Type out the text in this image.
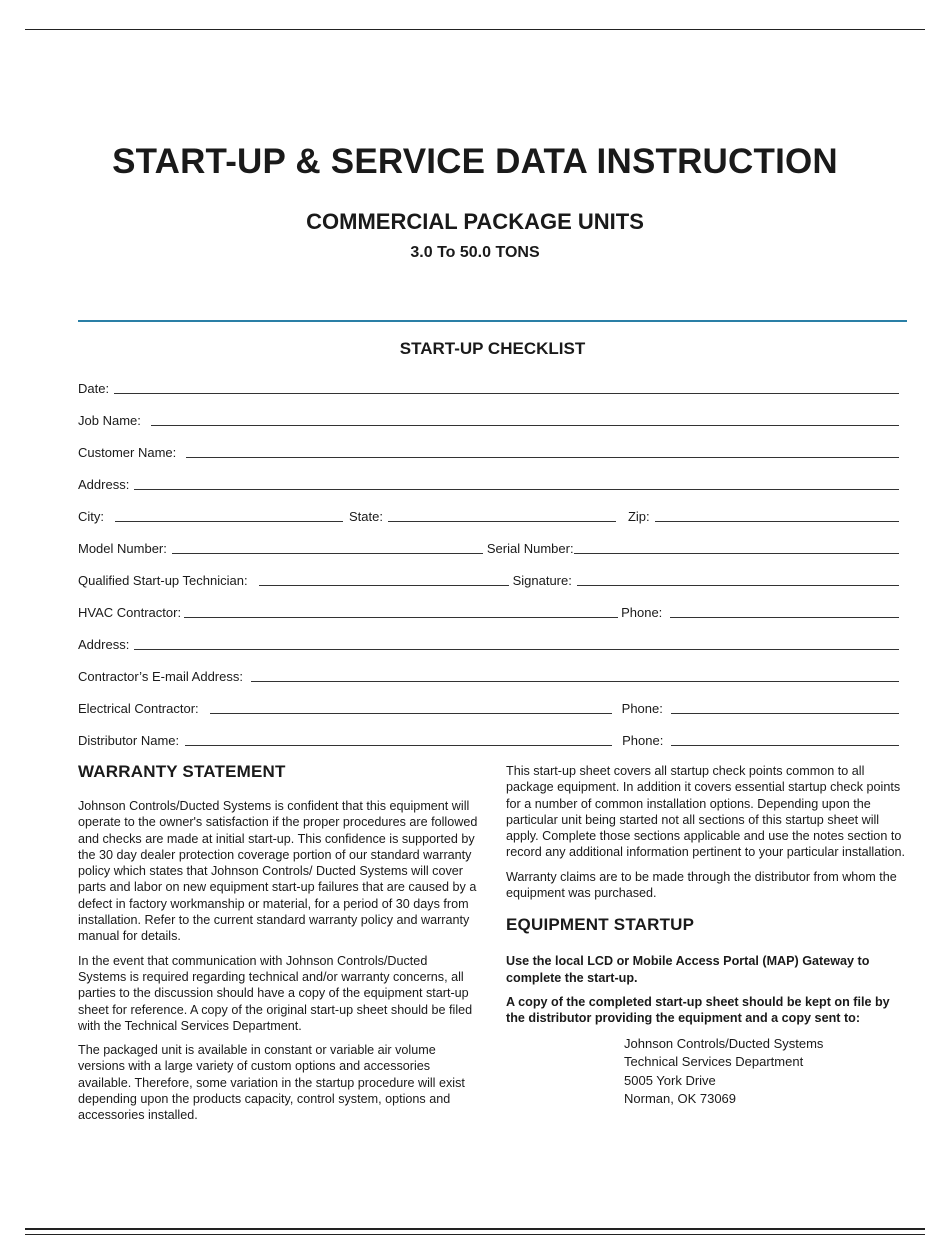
START-UP & SERVICE DATA INSTRUCTION
COMMERCIAL PACKAGE UNITS
3.0 To 50.0 TONS
START-UP CHECKLIST
Date:
Job Name:
Customer Name:
Address:
City:	State:	Zip:
Model Number:	Serial Number:
Qualified Start-up Technician:	Signature:
HVAC Contractor:	Phone:
Address:
Contractor’s E-mail Address:
Electrical Contractor:	Phone:
Distributor Name:	Phone:
WARRANTY STATEMENT

Johnson Controls/Ducted Systems is confident that this equipment will operate to the owner's satisfaction if the proper procedures are followed and checks are made at initial start-up. This confidence is supported by the 30 day dealer protection coverage portion of our standard warranty policy which states that Johnson Controls/ Ducted Systems will cover parts and labor on new equipment start-up failures that are caused by a defect in factory workmanship or material, for a period of 30 days from installation. Refer to the current standard warranty policy and warranty manual for details.

In the event that communication with Johnson Controls/Ducted Systems is required regarding technical and/or warranty concerns, all parties to the discussion should have a copy of the equipment start-up sheet for reference. A copy of the original start-up sheet should be filed with the Technical Services Department.

The packaged unit is available in constant or variable air volume versions with a large variety of custom options and accessories available. Therefore, some variation in the startup procedure will exist depending upon the products capacity, control system, options and accessories installed.

This start-up sheet covers all startup check points common to all package equipment. In addition it covers essential startup check points for a number of common installation options. Depending upon the particular unit being started not all sections of this startup sheet will apply. Complete those sections applicable and use the notes section to record any additional information pertinent to your particular installation.

Warranty claims are to be made through the distributor from whom the equipment was purchased.

EQUIPMENT STARTUP

Use the local LCD or Mobile Access Portal (MAP) Gateway to complete the start-up.

A copy of the completed start-up sheet should be kept on file by the distributor providing the equipment and a copy sent to:

Johnson Controls/Ducted Systems
Technical Services Department
5005 York Drive
Norman, OK 73069
